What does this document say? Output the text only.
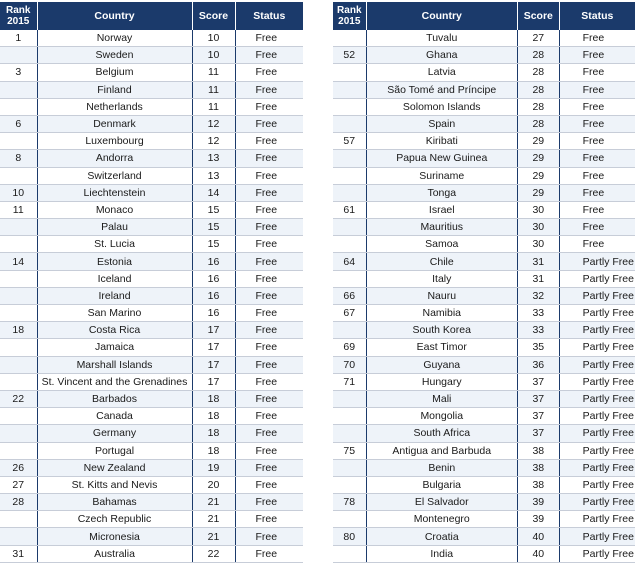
Rank
2015	Country	Score	Status
1	Norway	10	Free
	Sweden	10	Free
3	Belgium	11	Free
	Finland	11	Free
	Netherlands	11	Free
6	Denmark	12	Free
	Luxembourg	12	Free
8	Andorra	13	Free
	Switzerland	13	Free
10	Liechtenstein	14	Free
11	Monaco	15	Free
	Palau	15	Free
	St. Lucia	15	Free
14	Estonia	16	Free
	Iceland	16	Free
	Ireland	16	Free
	San Marino	16	Free
18	Costa Rica	17	Free
	Jamaica	17	Free
	Marshall Islands	17	Free
	St. Vincent and the Grenadines	17	Free
22	Barbados	18	Free
	Canada	18	Free
	Germany	18	Free
	Portugal	18	Free
26	New Zealand	19	Free
27	St. Kitts and Nevis	20	Free
28	Bahamas	21	Free
	Czech Republic	21	Free
	Micronesia	21	Free
31	Australia	22	Free
Rank
2015	Country	Score	Status
	Tuvalu	27	Free
52	Ghana	28	Free
	Latvia	28	Free
	São Tomé and Príncipe	28	Free
	Solomon Islands	28	Free
	Spain	28	Free
57	Kiribati	29	Free
	Papua New Guinea	29	Free
	Suriname	29	Free
	Tonga	29	Free
61	Israel	30	Free
	Mauritius	30	Free
	Samoa	30	Free
64	Chile	31	Partly Free
	Italy	31	Partly Free
66	Nauru	32	Partly Free
67	Namibia	33	Partly Free
	South Korea	33	Partly Free
69	East Timor	35	Partly Free
70	Guyana	36	Partly Free
71	Hungary	37	Partly Free
	Mali	37	Partly Free
	Mongolia	37	Partly Free
	South Africa	37	Partly Free
75	Antigua and Barbuda	38	Partly Free
	Benin	38	Partly Free
	Bulgaria	38	Partly Free
78	El Salvador	39	Partly Free
	Montenegro	39	Partly Free
80	Croatia	40	Partly Free
	India	40	Partly Free
